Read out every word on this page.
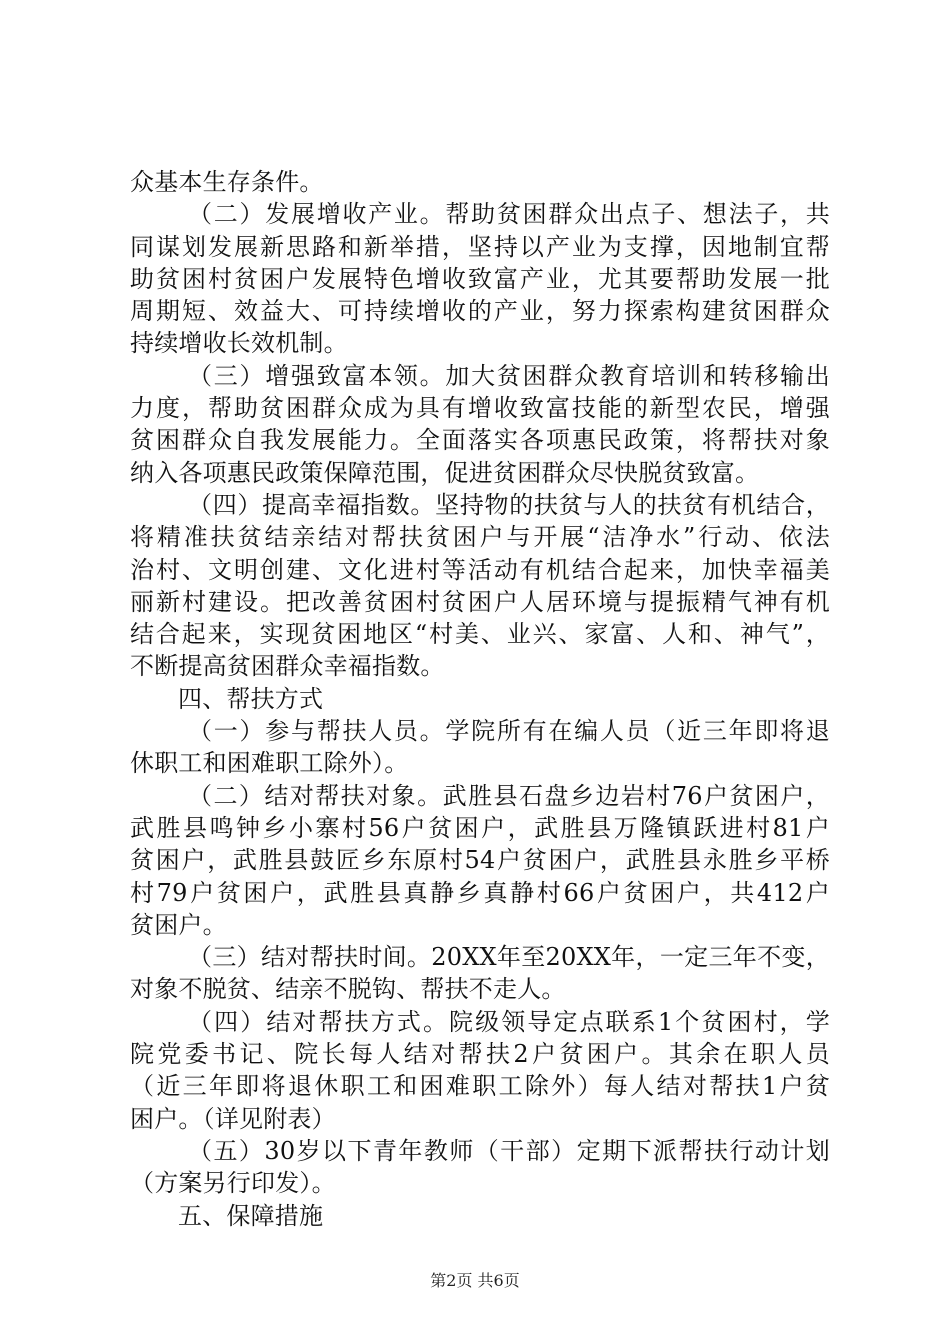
众基本生存条件。
（二）发展增收产业。帮助贫困群众出点子、想法子，共
同谋划发展新思路和新举措，坚持以产业为支撑，因地制宜帮
助贫困村贫困户发展特色增收致富产业，尤其要帮助发展一批
周期短、效益大、可持续增收的产业，努力探索构建贫困群众
持续增收长效机制。
（三）增强致富本领。加大贫困群众教育培训和转移输出
力度，帮助贫困群众成为具有增收致富技能的新型农民，增强
贫困群众自我发展能力。全面落实各项惠民政策，将帮扶对象
纳入各项惠民政策保障范围，促进贫困群众尽快脱贫致富。
（四）提高幸福指数。坚持物的扶贫与人的扶贫有机结合，
将精准扶贫结亲结对帮扶贫困户与开展“洁净水”行动、依法
治村、文明创建、文化进村等活动有机结合起来，加快幸福美
丽新村建设。把改善贫困村贫困户人居环境与提振精气神有机
结合起来，实现贫困地区“村美、业兴、家富、人和、神气”，
不断提高贫困群众幸福指数。
四、帮扶方式
（一）参与帮扶人员。学院所有在编人员（近三年即将退
休职工和困难职工除外）。
（二）结对帮扶对象。武胜县石盘乡边岩村76户贫困户，
武胜县鸣钟乡小寨村56户贫困户，武胜县万隆镇跃进村81户
贫困户，武胜县鼓匠乡东原村54户贫困户，武胜县永胜乡平桥
村79户贫困户，武胜县真静乡真静村66户贫困户，共412户
贫困户。
（三）结对帮扶时间。20XX年至20XX年，一定三年不变，
对象不脱贫、结亲不脱钩、帮扶不走人。
（四）结对帮扶方式。院级领导定点联系1个贫困村，学
院党委书记、院长每人结对帮扶2户贫困户。其余在职人员
（近三年即将退休职工和困难职工除外）每人结对帮扶1户贫
困户。（详见附表）
（五）30岁以下青年教师（干部）定期下派帮扶行动计划
（方案另行印发）。
五、保障措施
第2页 共6页
